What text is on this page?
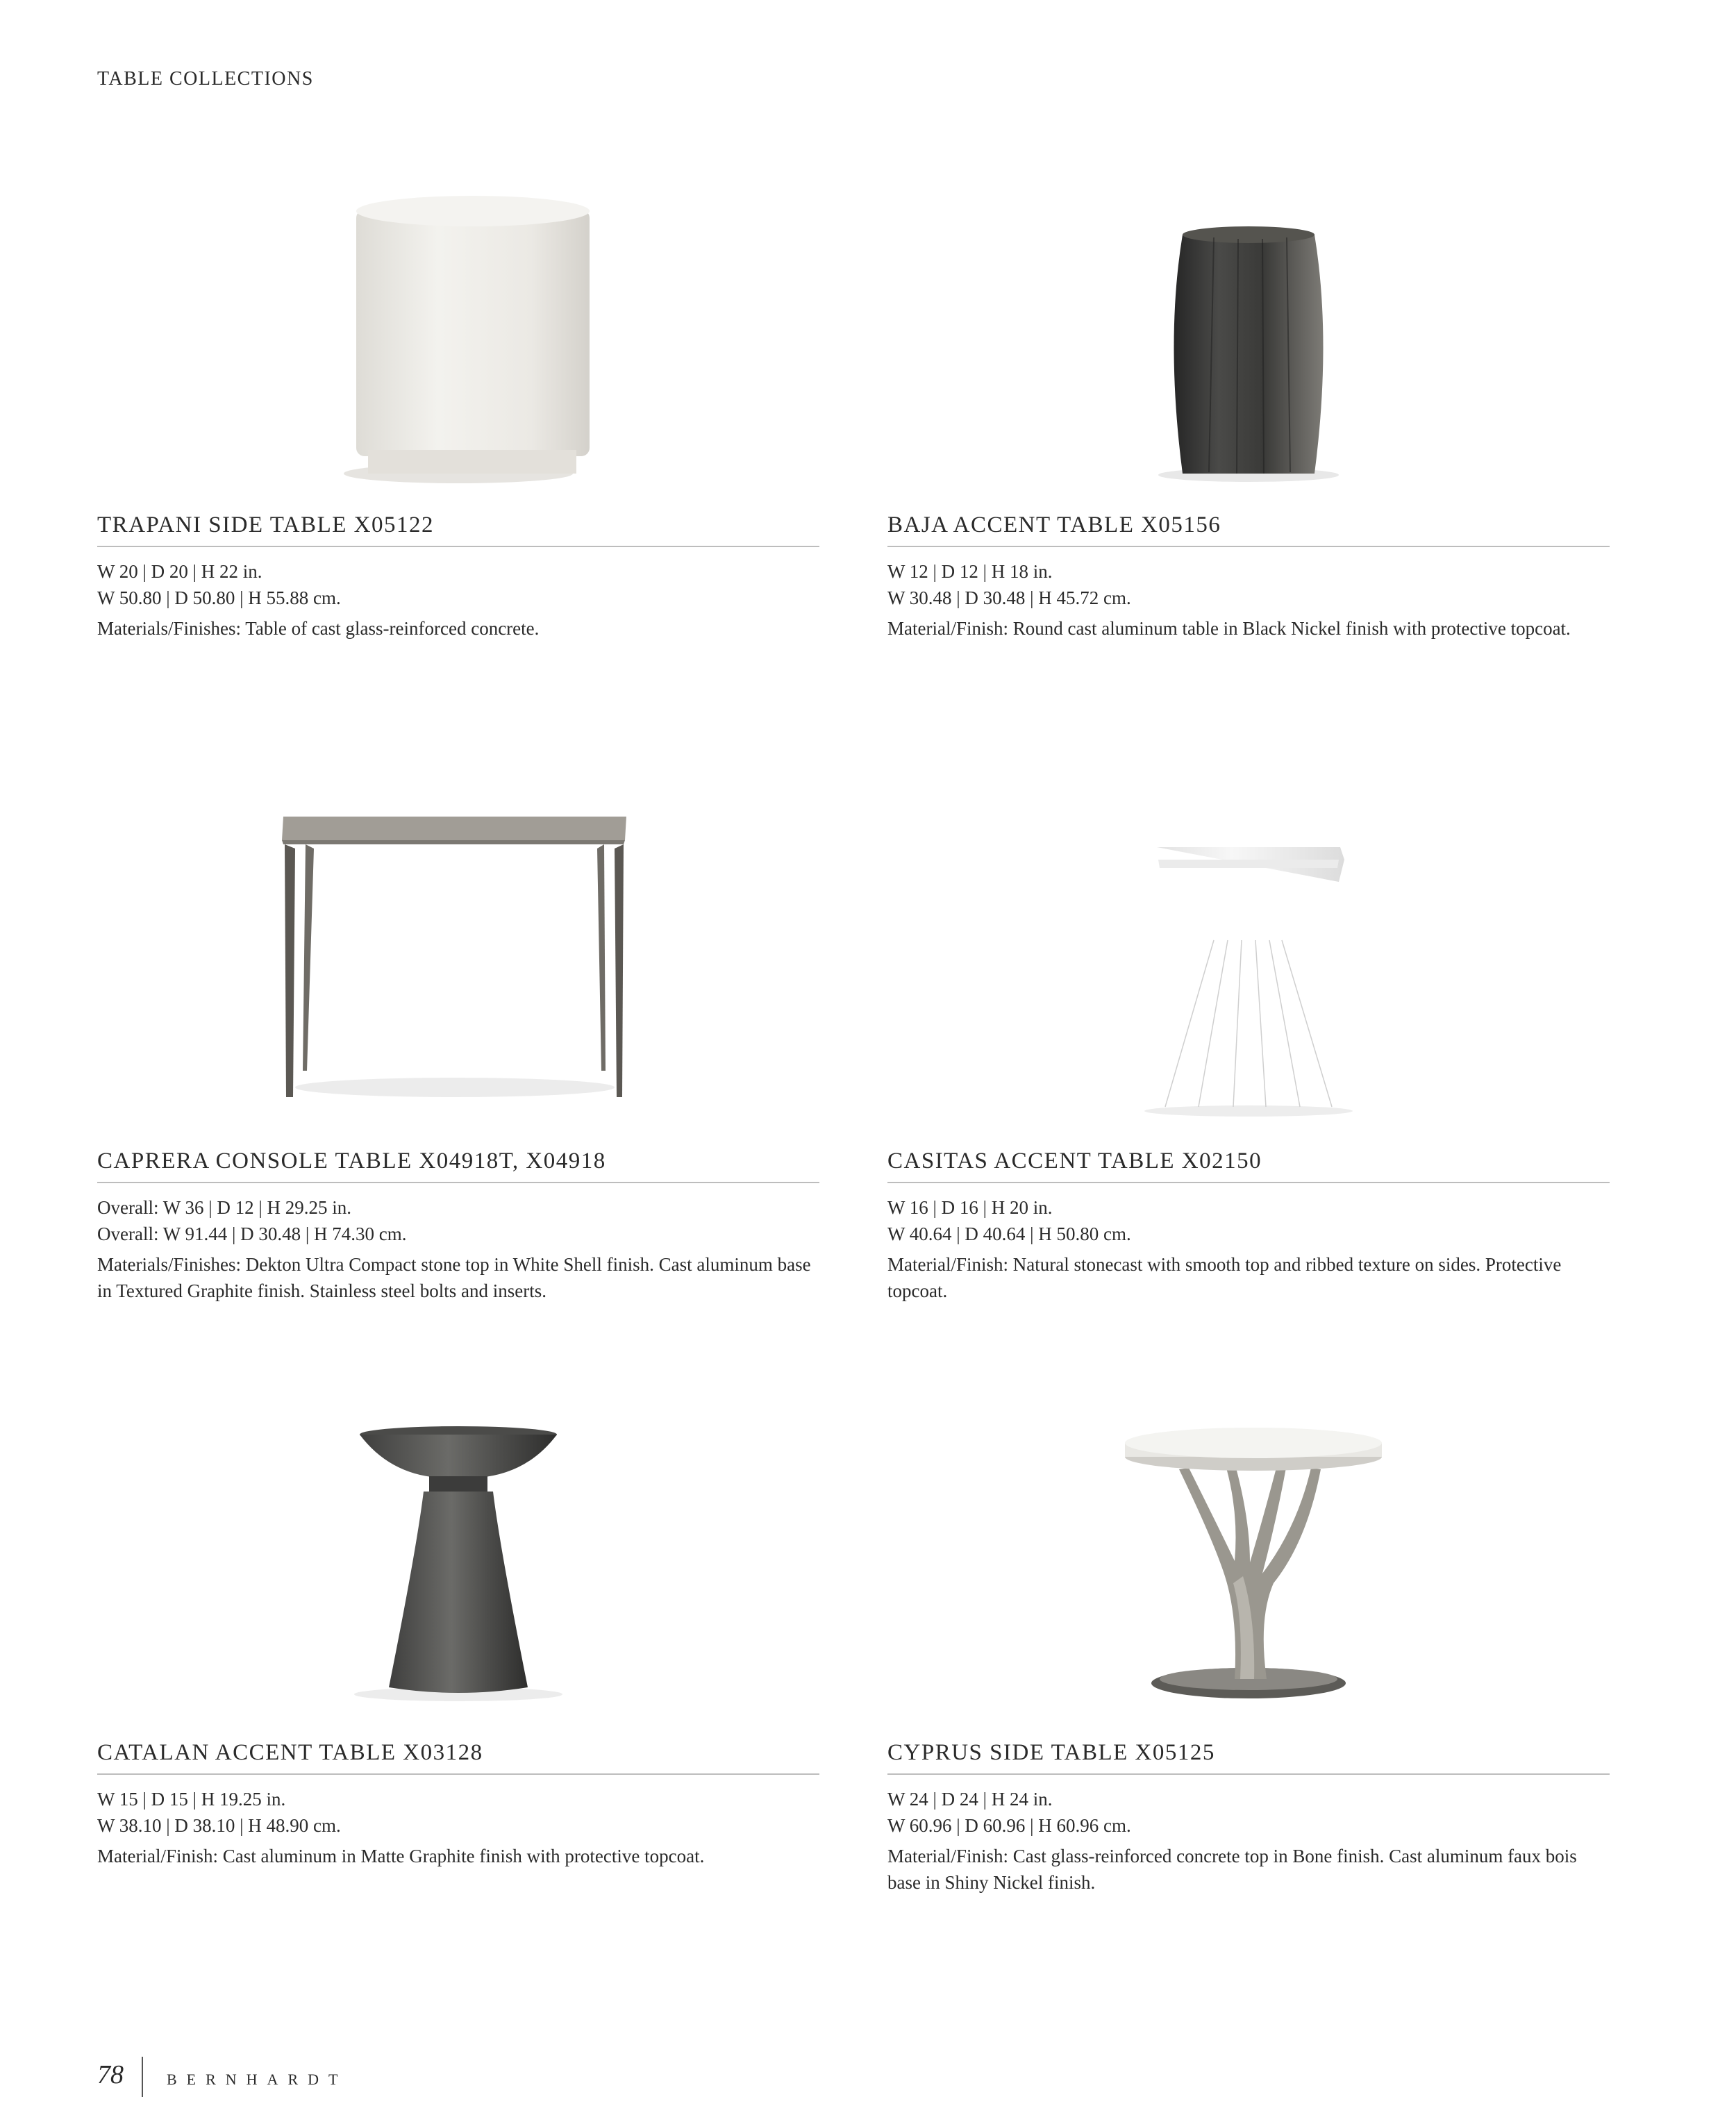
TABLE COLLECTIONS
TRAPANI SIDE TABLE X05122
W 20 | D 20 | H 22 in.
W 50.80 | D 50.80 | H 55.88 cm.
Materials/Finishes: Table of cast glass-reinforced concrete.
BAJA ACCENT TABLE X05156
W 12 | D 12 | H 18 in.
W 30.48 | D 30.48 | H 45.72 cm.
Material/Finish: Round cast aluminum table in Black Nickel finish with protective topcoat.
CAPRERA CONSOLE TABLE X04918T, X04918
Overall: W 36 | D 12 | H 29.25 in.
Overall: W 91.44 | D 30.48 | H 74.30 cm.
Materials/Finishes: Dekton Ultra Compact stone top in White Shell finish. Cast aluminum base in Textured Graphite finish. Stainless steel bolts and inserts.
CASITAS ACCENT TABLE X02150
W 16 | D 16 | H 20 in.
W 40.64 | D 40.64 | H 50.80 cm.
Material/Finish: Natural stonecast with smooth top and ribbed texture on sides. Protective topcoat.
CATALAN ACCENT TABLE X03128
W 15 | D 15 | H 19.25 in.
W 38.10 | D 38.10 | H 48.90 cm.
Material/Finish: Cast aluminum in Matte Graphite finish with protective topcoat.
CYPRUS SIDE TABLE X05125
W 24 | D 24 | H 24 in.
W 60.96 | D 60.96 | H 60.96 cm.
Material/Finish: Cast glass-reinforced concrete top in Bone finish. Cast aluminum faux bois base in Shiny Nickel finish.
78	BERNHARDT
